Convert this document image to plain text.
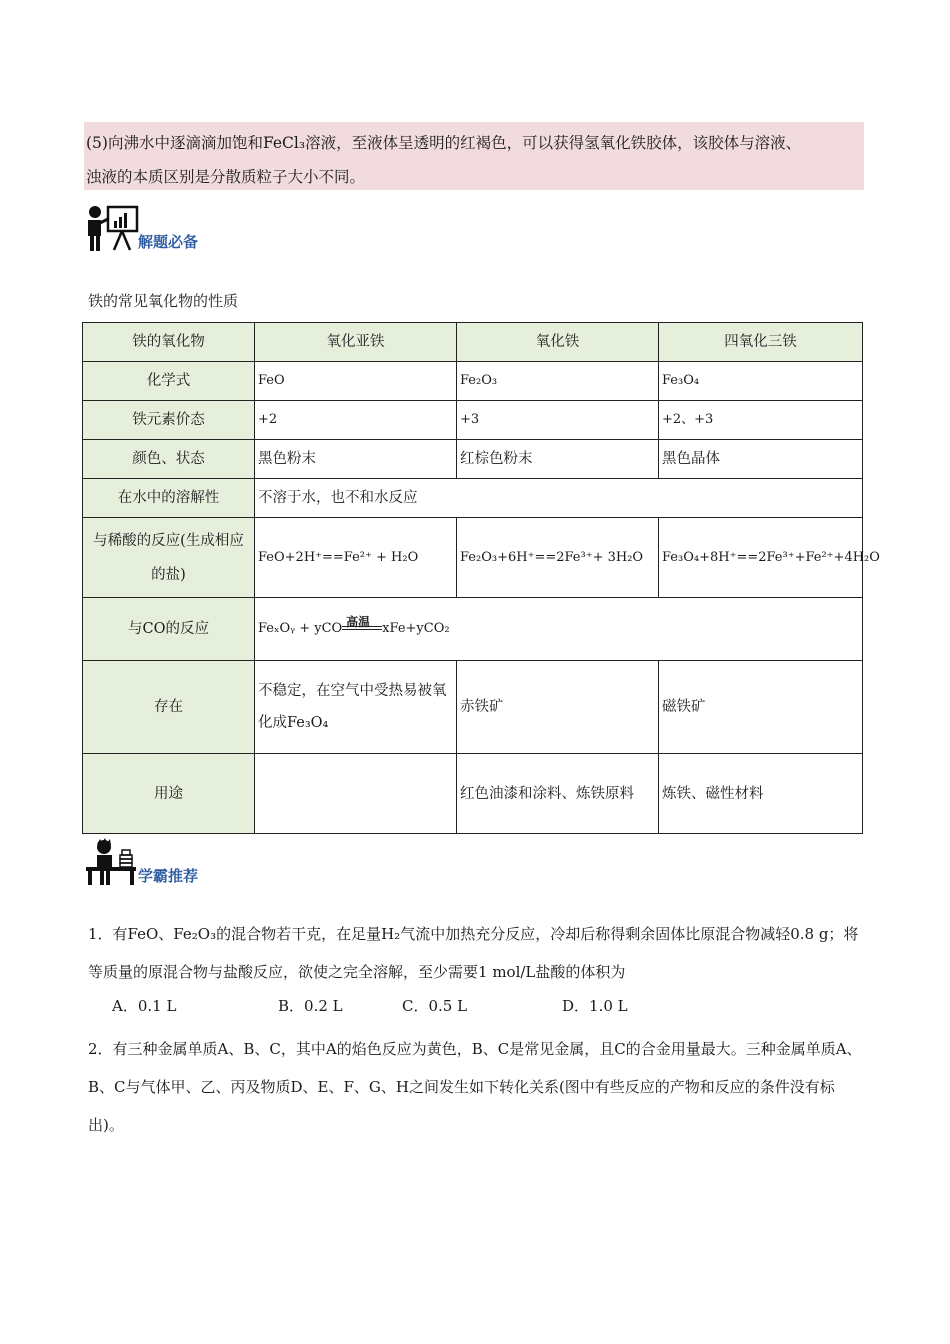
(5)向沸水中逐滴滴加饱和FeCl₃溶液，至液体呈透明的红褐色，可以获得氢氧化铁胶体，该胶体与溶液、
浊液的本质区别是分散质粒子大小不同。
解题必备
铁的常见氧化物的性质
铁的氧化物	氧化亚铁	氧化铁	四氧化三铁
化学式	FeO	Fe₂O₃	Fe₃O₄
铁元素价态	+2	+3	+2、+3
颜色、状态	黑色粉末	红棕色粉末	黑色晶体
在水中的溶解性	不溶于水，也不和水反应		
与稀酸的反应(生成相应的盐)	FeO+2H⁺==Fe²⁺ + H₂O	Fe₂O₃+6H⁺==2Fe³⁺+ 3H₂O	Fe₃O₄+8H⁺==2Fe³⁺+Fe²⁺+4H₂O
与CO的反应	FeₓOᵧ + yCO 高温 xFe+yCO₂		
存在	不稳定，在空气中受热易被氧化成Fe₃O₄	赤铁矿	磁铁矿
用途		红色油漆和涂料、炼铁原料	炼铁、磁性材料
学霸推荐
1．有FeO、Fe₂O₃的混合物若干克，在足量H₂气流中加热充分反应，冷却后称得剩余固体比原混合物减轻0.8 g；将等质量的原混合物与盐酸反应，欲使之完全溶解，至少需要1 mol/L盐酸的体积为
A．0.1 L	B．0.2 L	C．0.5 L	D．1.0 L
2．有三种金属单质A、B、C，其中A的焰色反应为黄色，B、C是常见金属，且C的合金用量最大。三种金属单质A、B、C与气体甲、乙、丙及物质D、E、F、G、H之间发生如下转化关系(图中有些反应的产物和反应的条件没有标出)。
